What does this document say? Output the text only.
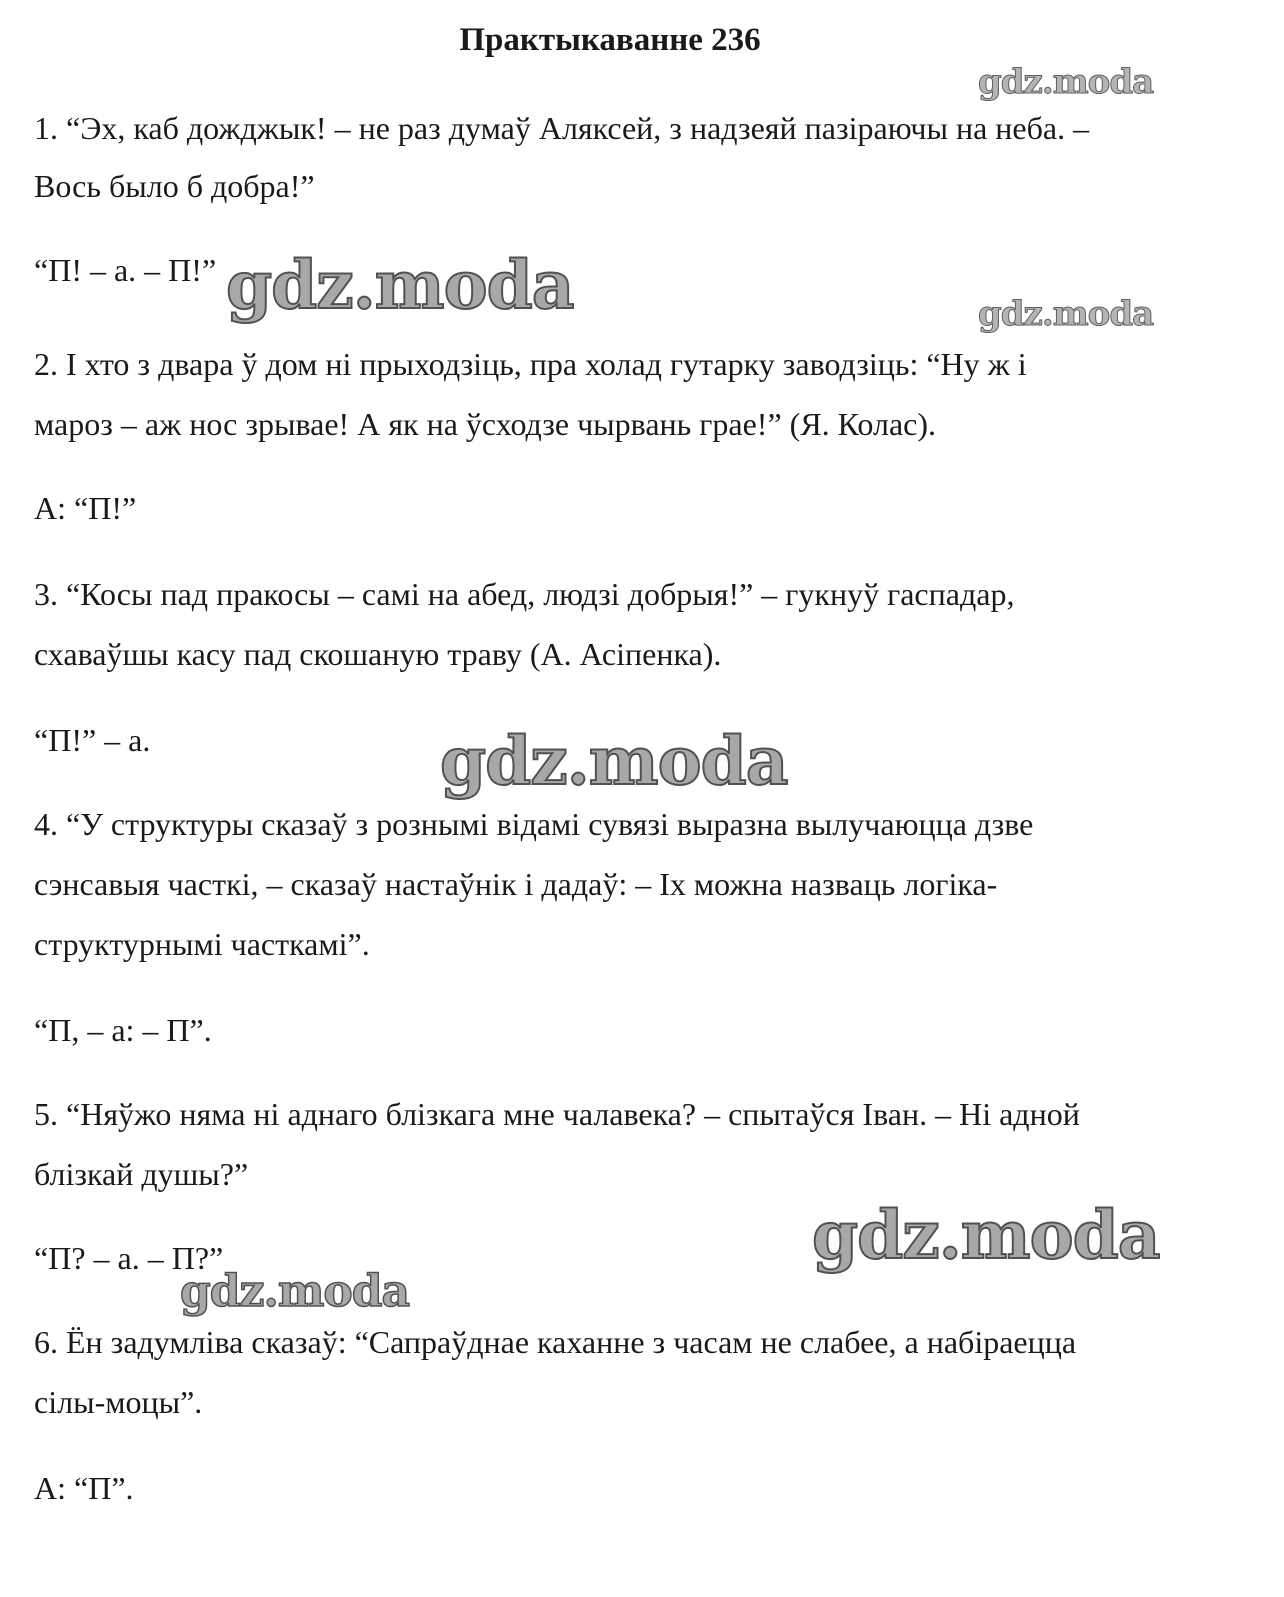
Практыкаванне 236
1. “Эх, каб дожджык! – не раз думаў Аляксей, з надзеяй пазіраючы на неба. –
Вось было б добра!”
“П! – а. – П!”
2. І хто з двара ў дом ні прыходзіць, пра холад гутарку заводзіць: “Ну ж і
мароз – аж нос зрывае! А як на ўсходзе чырвань грае!” (Я. Колас).
А: “П!”
3. “Косы пад пракосы – самі на абед, людзі добрыя!” – гукнуў гаспадар,
схаваўшы касу пад скошаную траву (А. Асіпенка).
“П!” – а.
4. “У структуры сказаў з рознымі відамі сувязі выразна вылучаюцца дзве
сэнсавыя часткі, – сказаў настаўнік і дадаў: – Іх можна назваць логіка-
структурнымі часткамі”.
“П, – а: – П”.
5. “Няўжо няма ні аднаго блізкага мне чалавека? – спытаўся Іван. – Ні адной
блізкай душы?”
“П? – а. – П?”
6. Ён задумліва сказаў: “Сапраўднае каханне з часам не слабее, а набіраецца
сілы-моцы”.
А: “П”.
gdz.moda
gdz.moda	gdz.moda
gdz.moda
gdz.moda
gdz.moda
